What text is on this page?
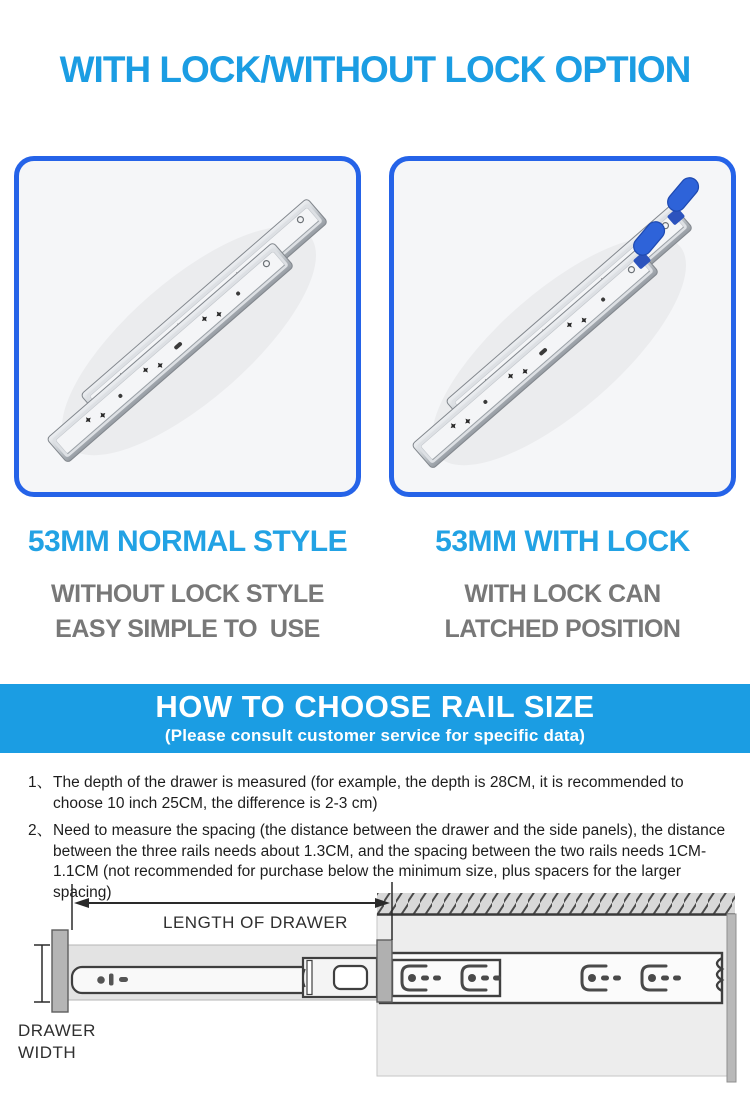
WITH LOCK/WITHOUT LOCK OPTION
53MM NORMAL STYLE	53MM WITH LOCK
WITHOUT LOCK STYLE
EASY SIMPLE TO  USE
WITH LOCK CAN
LATCHED POSITION
HOW TO CHOOSE RAIL SIZE
(Please consult customer service for specific data)
1、 The depth of the drawer is measured (for example, the depth is 28CM, it is recommended to choose 10 inch 25CM, the difference is 2-3 cm)
2、 Need to measure the spacing (the distance between the drawer and the side panels), the distance between the three rails needs about 1.3CM, and the spacing between the two rails needs 1CM-1.1CM (not recommended for purchase below the minimum size, plus spacers for the larger spacing)
LENGTH OF DRAWER
DRAWER
WIDTH
